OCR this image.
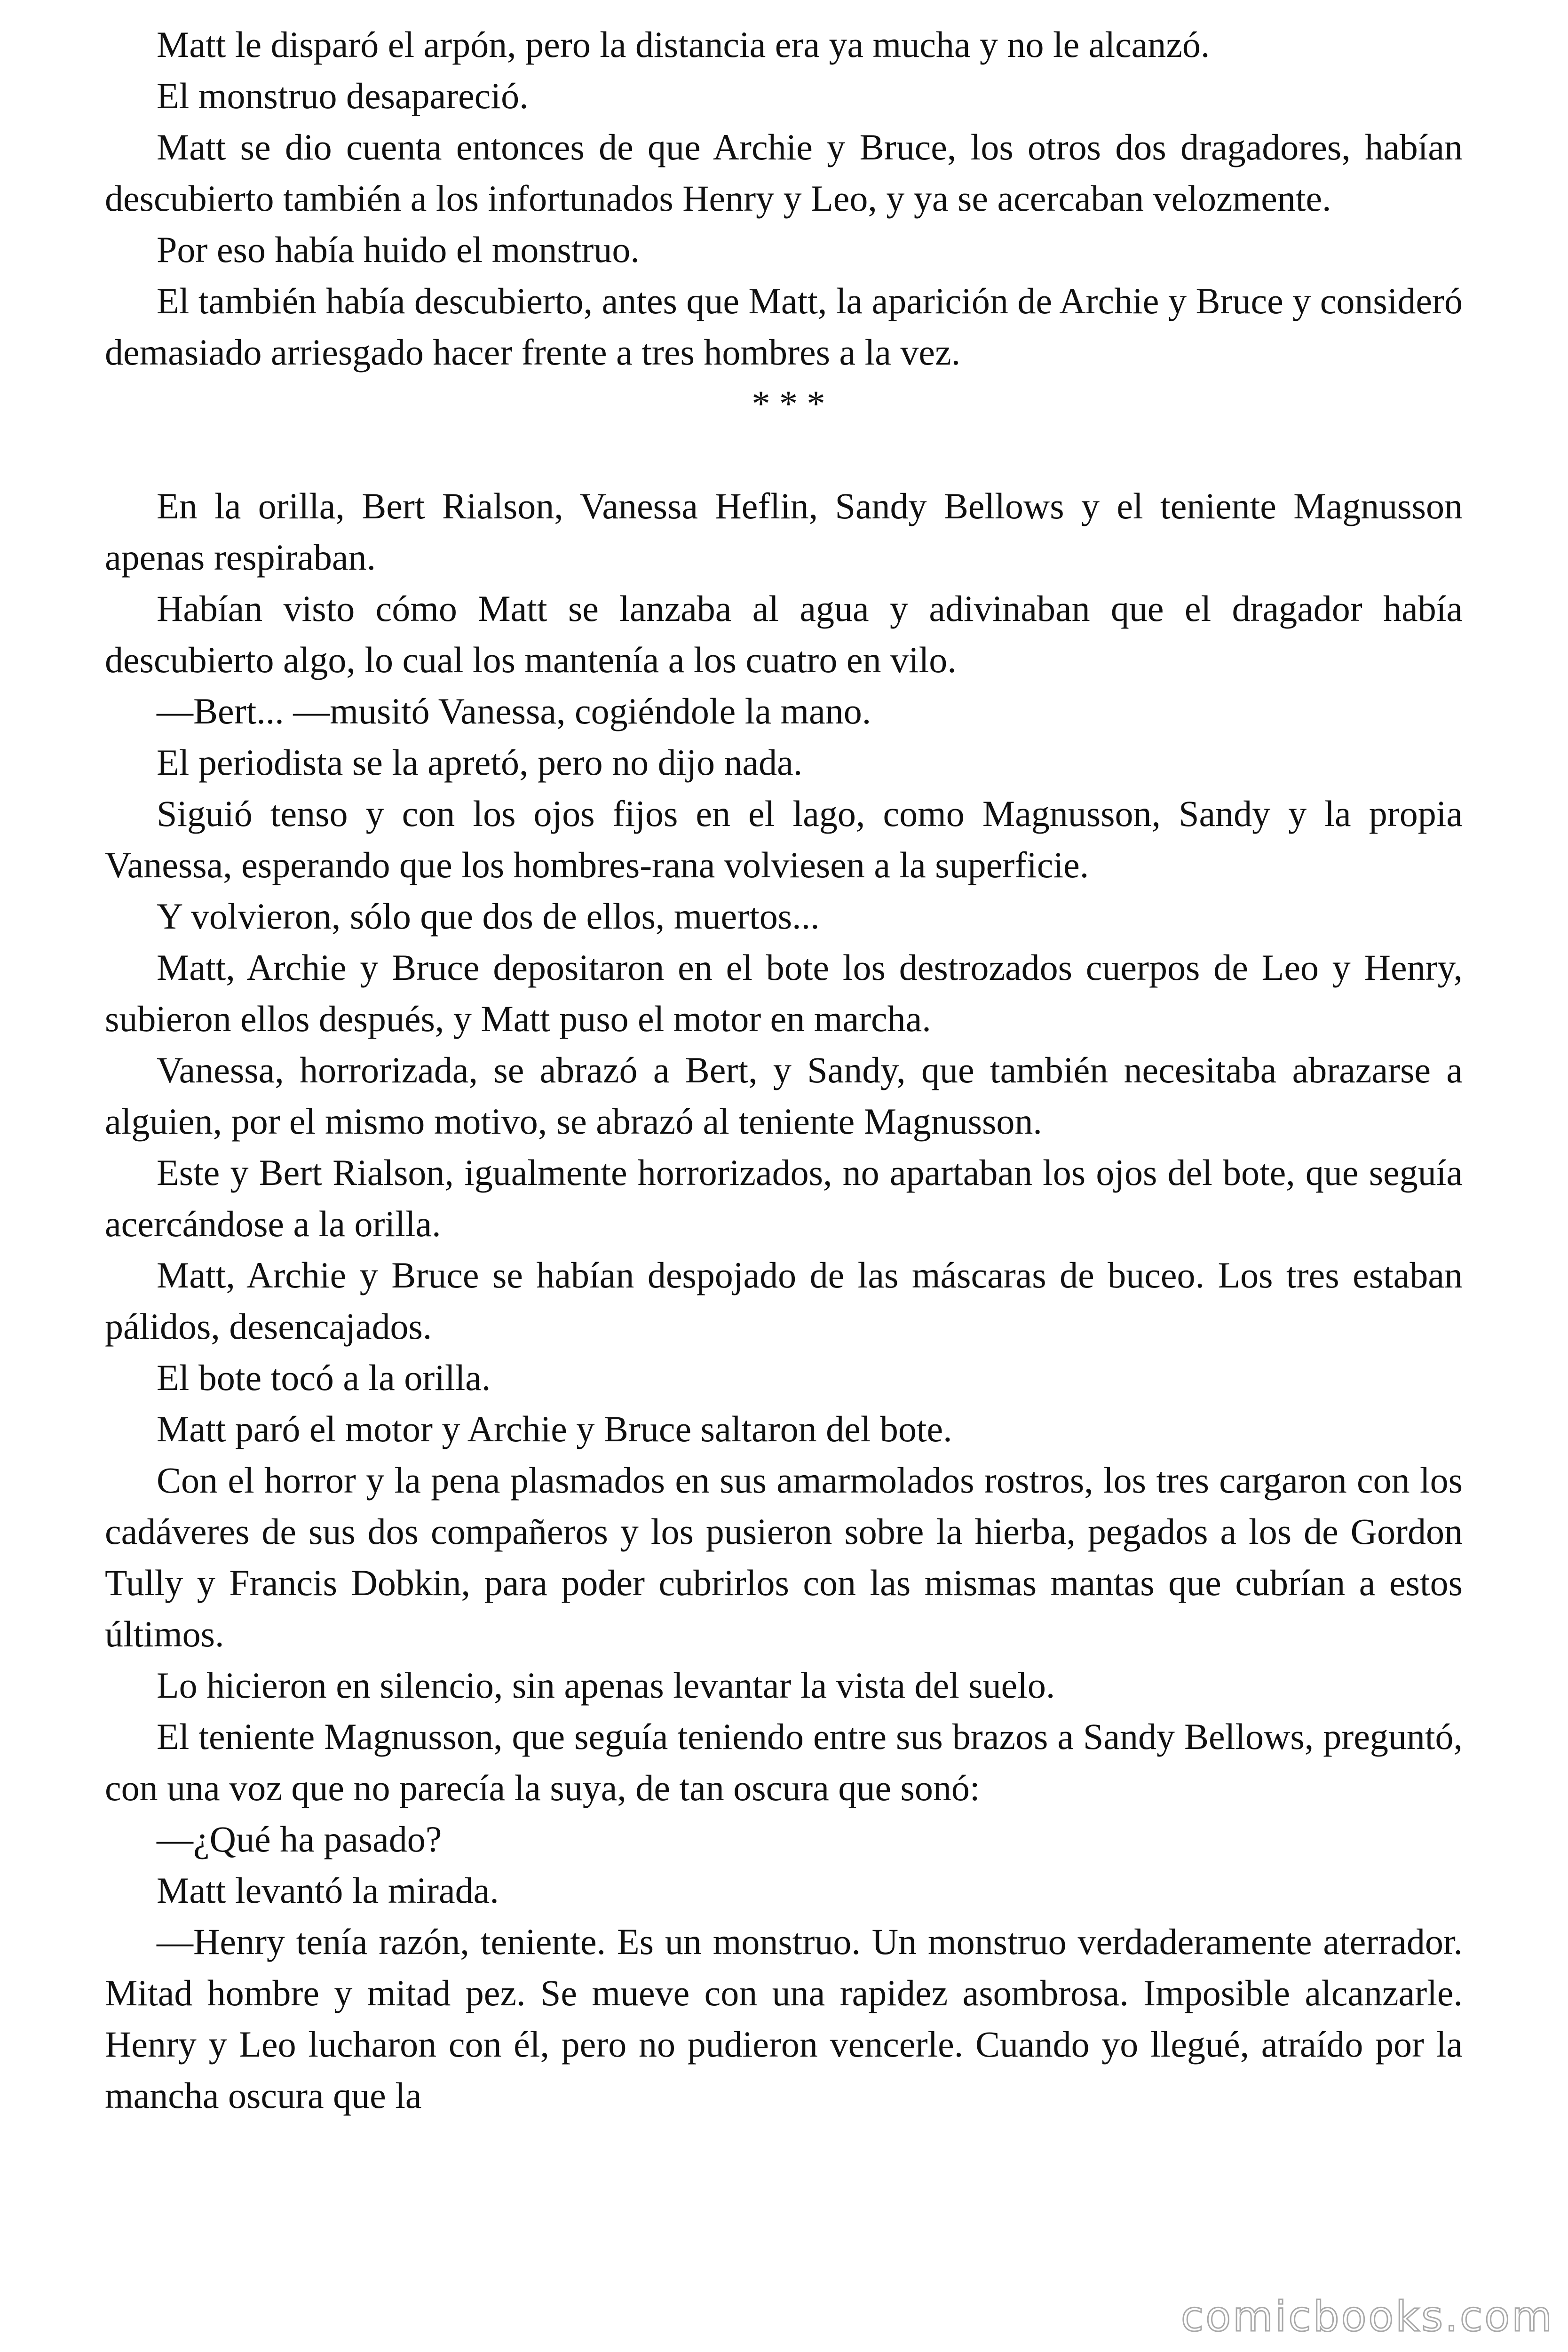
Matt le disparó el arpón, pero la distancia era ya mucha y no le alcanzó.

El monstruo desapareció.

Matt se dio cuenta entonces de que Archie y Bruce, los otros dos dragadores, habían descubierto también a los infortunados Henry y Leo, y ya se acercaban velozmente.

Por eso había huido el monstruo.

El también había descubierto, antes que Matt, la aparición de Archie y Bruce y consideró demasiado arriesgado hacer frente a tres hombres a la vez.

* * *

En la orilla, Bert Rialson, Vanessa Heflin, Sandy Bellows y el teniente Magnusson apenas respiraban.

Habían visto cómo Matt se lanzaba al agua y adivinaban que el dragador había descubierto algo, lo cual los mantenía a los cuatro en vilo.

—Bert... —musitó Vanessa, cogiéndole la mano.

El periodista se la apretó, pero no dijo nada.

Siguió tenso y con los ojos fijos en el lago, como Magnusson, Sandy y la propia Vanessa, esperando que los hombres-rana volviesen a la superficie.

Y volvieron, sólo que dos de ellos, muertos...

Matt, Archie y Bruce depositaron en el bote los destrozados cuerpos de Leo y Henry, subieron ellos después, y Matt puso el motor en marcha.

Vanessa, horrorizada, se abrazó a Bert, y Sandy, que también necesitaba abrazarse a alguien, por el mismo motivo, se abrazó al teniente Magnusson.

Este y Bert Rialson, igualmente horrorizados, no apartaban los ojos del bote, que seguía acercándose a la orilla.

Matt, Archie y Bruce se habían despojado de las máscaras de buceo. Los tres estaban pálidos, desencajados.

El bote tocó a la orilla.

Matt paró el motor y Archie y Bruce saltaron del bote.

Con el horror y la pena plasmados en sus amarmolados rostros, los tres cargaron con los cadáveres de sus dos compañeros y los pusieron sobre la hierba, pegados a los de Gordon Tully y Francis Dobkin, para poder cubrirlos con las mismas mantas que cubrían a estos últimos.

Lo hicieron en silencio, sin apenas levantar la vista del suelo.

El teniente Magnusson, que seguía teniendo entre sus brazos a Sandy Bellows, preguntó, con una voz que no parecía la suya, de tan oscura que sonó:

—¿Qué ha pasado?

Matt levantó la mirada.

—Henry tenía razón, teniente. Es un monstruo. Un monstruo verdaderamente aterrador. Mitad hombre y mitad pez. Se mueve con una rapidez asombrosa. Imposible alcanzarle. Henry y Leo lucharon con él, pero no pudieron vencerle. Cuando yo llegué, atraído por la mancha oscura que la

comicbooks.com
